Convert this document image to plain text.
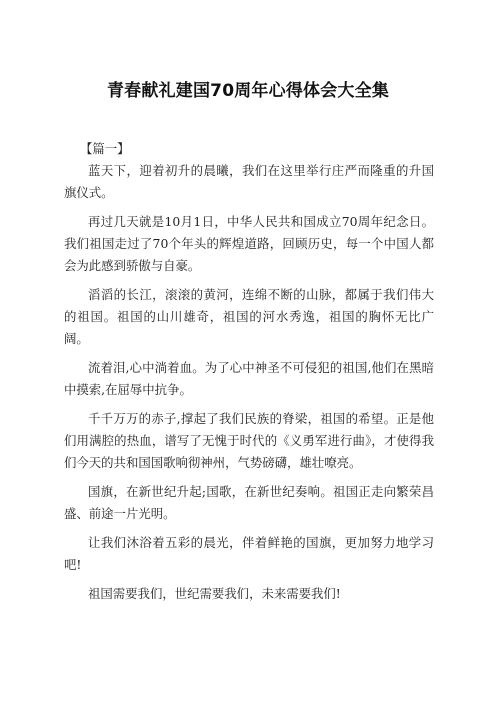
青春献礼建国70周年心得体会大全集

【篇一】

蓝天下，迎着初升的晨曦，我们在这里举行庄严而隆重的升国旗仪式。

再过几天就是10月1日，中华人民共和国成立70周年纪念日。我们祖国走过了70个年头的辉煌道路，回顾历史，每一个中国人都会为此感到骄傲与自豪。

滔滔的长江，滚滚的黄河，连绵不断的山脉，都属于我们伟大的祖国。祖国的山川雄奇，祖国的河水秀逸，祖国的胸怀无比广阔。

流着泪,心中淌着血。为了心中神圣不可侵犯的祖国,他们在黑暗中摸索,在屈辱中抗争。

千千万万的赤子,撑起了我们民族的脊梁，祖国的希望。正是他们用满腔的热血，谱写了无愧于时代的《义勇军进行曲》，才使得我们今天的共和国国歌响彻神州，气势磅礴，雄壮嘹亮。

国旗，在新世纪升起;国歌，在新世纪奏响。祖国正走向繁荣昌盛、前途一片光明。

让我们沐浴着五彩的晨光，伴着鲜艳的国旗，更加努力地学习吧!

祖国需要我们，世纪需要我们，未来需要我们!
